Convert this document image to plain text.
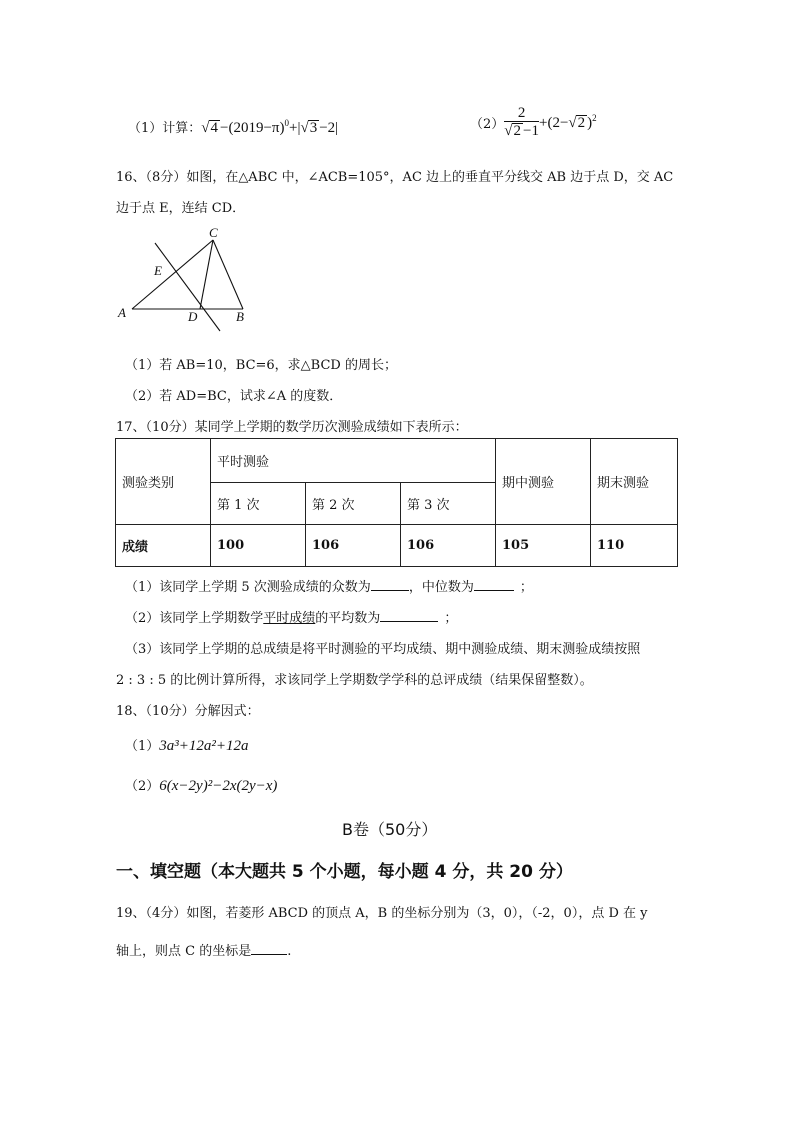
（1）计算：$√4 -(2019-\pi)^0+|√3 -2|$	$(2) \frac{2}{√2 -1} +(2-√2$ )$^2$
16、（8分）如图，在△ABC 中，∠ACB=105°，AC 边上的垂直平分线交 AB 边于点 D，交 AC
边于点 E，连结 CD．
A	B
C
D
E
（1）若 AB=10，BC=6，求△BCD 的周长；
（2）若 AD=BC，试求∠A 的度数．
17、（10分）某同学上学期的数学历次测验成绩如下表所示：
测验类别	平时测验			期中测验	期末测验
	第 1 次	第 2 次	第 3 次		
成绩	100	106	106	105	110
（1）该同学上学期 5 次测验成绩的众数为	，中位数为	；
（2）该同学上学期数学平时成绩的平均数为	；
（3）该同学上学期的总成绩是将平时测验的平均成绩、期中测验成绩、期末测验成绩按照
2 : 3 : 5 的比例计算所得，求该同学上学期数学学科的总评成绩（结果保留整数）。
18、（10分）分解因式：
（1）3a³+12a²+12a
（2）6(x−2y)²−2x(2y−x)
B卷（50分）
一、填空题（本大题共 5 个小题，每小题 4 分，共 20 分）
19、（4分）如图，若菱形 ABCD 的顶点 A，B 的坐标分别为（3，0），（-2，0），点 D 在 y
轴上，则点 C 的坐标是	.
